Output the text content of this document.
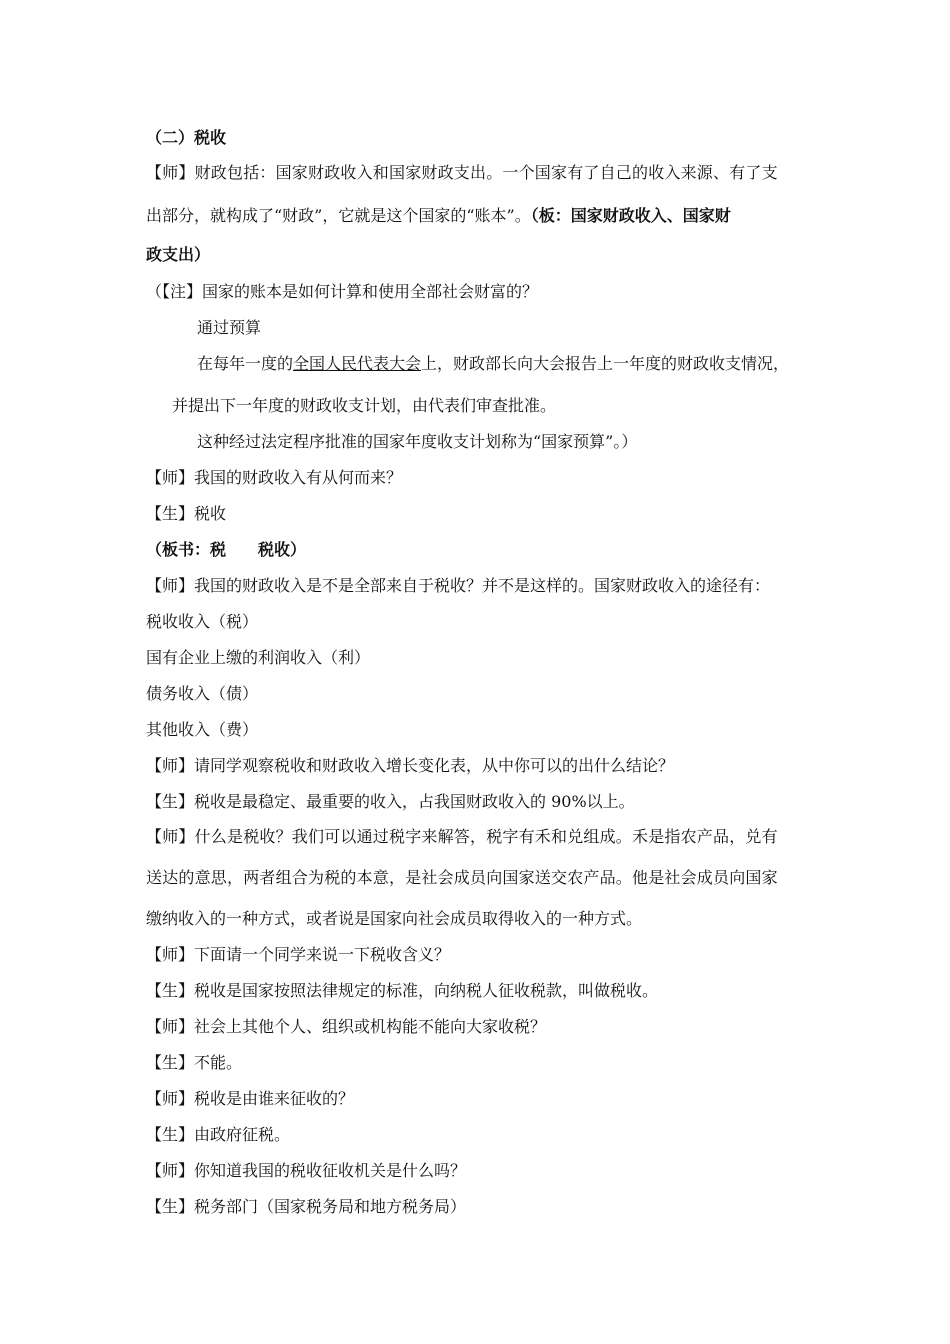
（二）税收
【师】财政包括：国家财政收入和国家财政支出。一个国家有了自己的收入来源、有了支
出部分，就构成了“财政”，它就是这个国家的“账本”。（板：国家财政收入、国家财
政支出）
（【注】国家的账本是如何计算和使用全部社会财富的？
通过预算
在每年一度的全国人民代表大会上，财政部长向大会报告上一年度的财政收支情况，
并提出下一年度的财政收支计划，由代表们审查批准。
这种经过法定程序批准的国家年度收支计划称为“国家预算”。）
【师】我国的财政收入有从何而来？
【生】税收
（板书：税　　税收）
【师】我国的财政收入是不是全部来自于税收？并不是这样的。国家财政收入的途径有：
税收收入（税）
国有企业上缴的利润收入（利）
债务收入（债）
其他收入（费）
【师】请同学观察税收和财政收入增长变化表，从中你可以的出什么结论？
【生】税收是最稳定、最重要的收入，占我国财政收入的 90%以上。
【师】什么是税收？我们可以通过税字来解答，税字有禾和兑组成。禾是指农产品，兑有
送达的意思，两者组合为税的本意，是社会成员向国家送交农产品。他是社会成员向国家
缴纳收入的一种方式，或者说是国家向社会成员取得收入的一种方式。
【师】下面请一个同学来说一下税收含义？
【生】税收是国家按照法律规定的标准，向纳税人征收税款，叫做税收。
【师】社会上其他个人、组织或机构能不能向大家收税？
【生】不能。
【师】税收是由谁来征收的？
【生】由政府征税。
【师】你知道我国的税收征收机关是什么吗？
【生】税务部门（国家税务局和地方税务局）
